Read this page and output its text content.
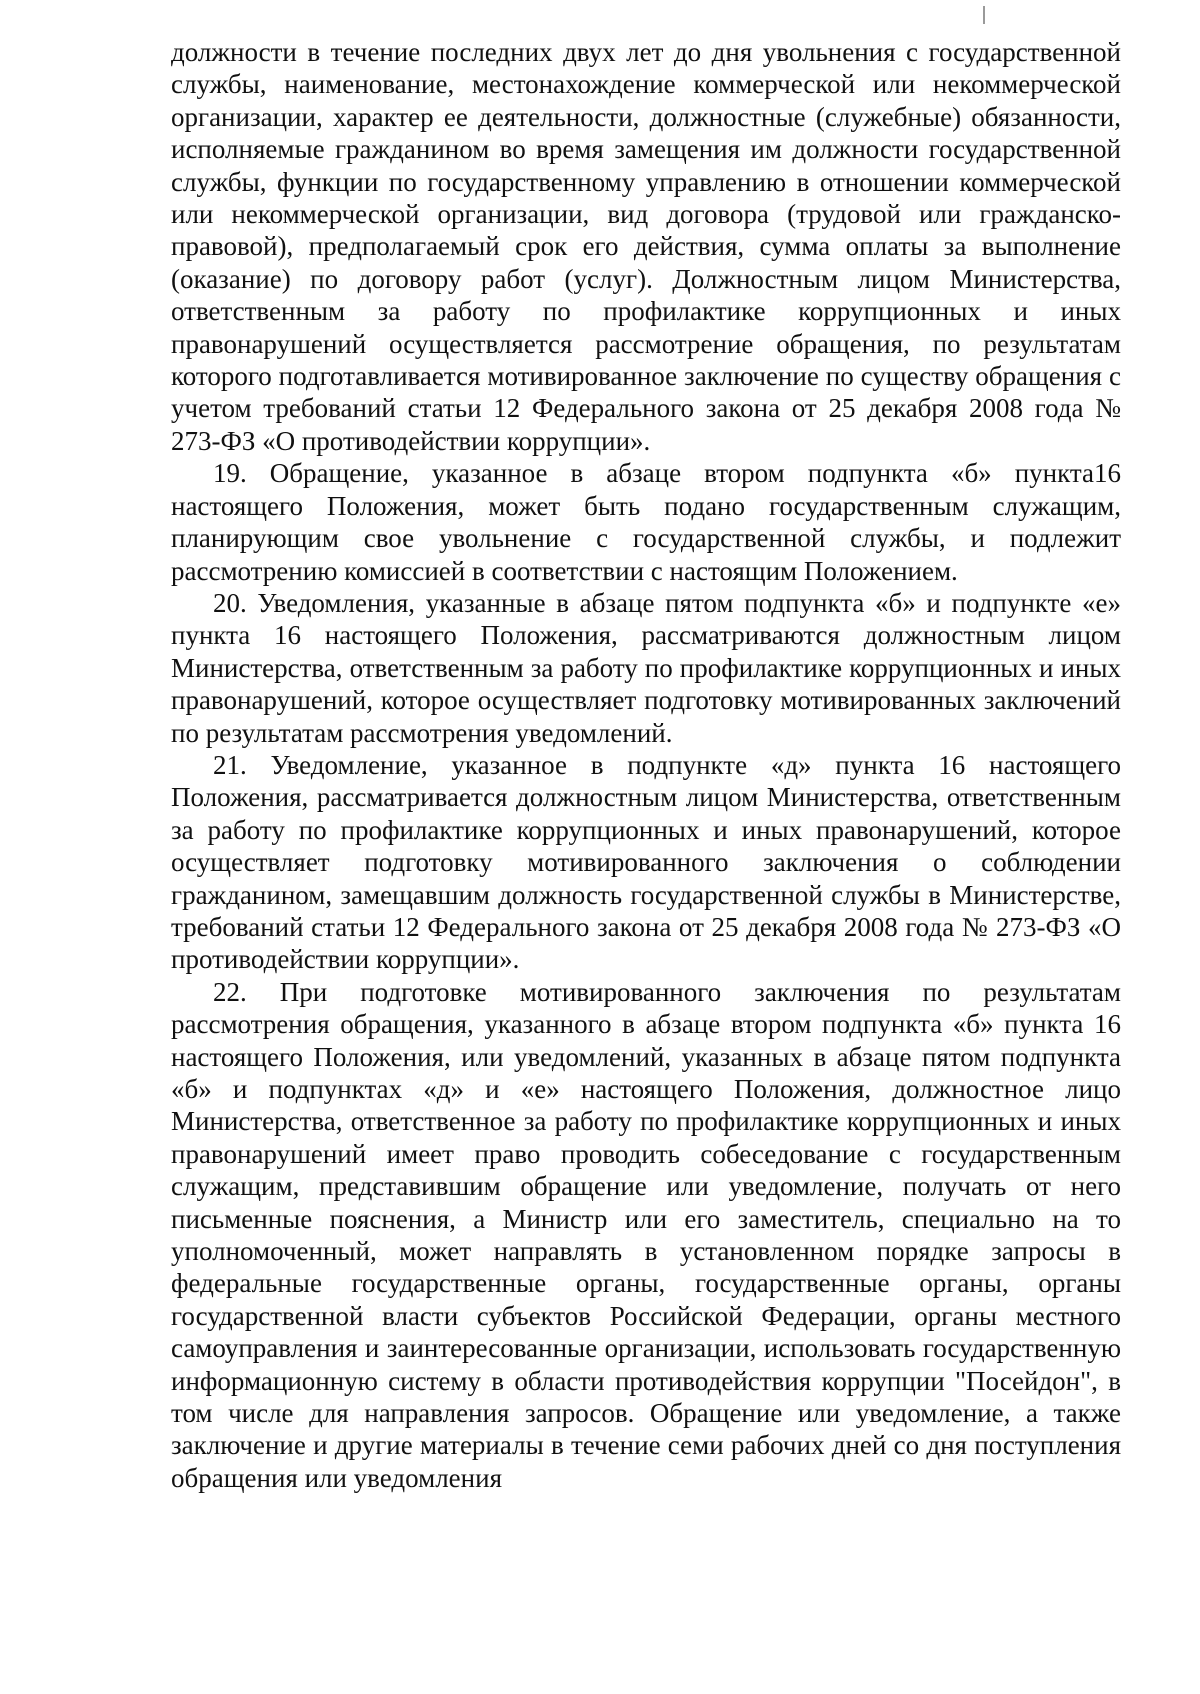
должности в течение последних двух лет до дня увольнения с государственной службы, наименование, местонахождение коммерческой или некоммерческой организации, характер ее деятельности, должностные (служебные) обязанности, исполняемые гражданином во время замещения им должности государственной службы, функции по государственному управлению в отношении коммерческой или некоммерческой организации, вид договора (трудовой или гражданско-правовой), предполагаемый срок его действия, сумма оплаты за выполнение (оказание) по договору работ (услуг). Должностным лицом Министерства, ответственным за работу по профилактике коррупционных и иных правонарушений осуществляется рассмотрение обращения, по результатам которого подготавливается мотивированное заключение по существу обращения с учетом требований статьи 12 Федерального закона от 25 декабря 2008 года № 273-ФЗ «О противодействии коррупции».

19. Обращение, указанное в абзаце втором подпункта «б» пункта16 настоящего Положения, может быть подано государственным служащим, планирующим свое увольнение с государственной службы, и подлежит рассмотрению комиссией в соответствии с настоящим Положением.

20. Уведомления, указанные в абзаце пятом подпункта «б» и подпункте «е» пункта 16 настоящего Положения, рассматриваются должностным лицом Министерства, ответственным за работу по профилактике коррупционных и иных правонарушений, которое осуществляет подготовку мотивированных заключений по результатам рассмотрения уведомлений.

21. Уведомление, указанное в подпункте «д» пункта 16 настоящего Положения, рассматривается должностным лицом Министерства, ответственным за работу по профилактике коррупционных и иных правонарушений, которое осуществляет подготовку мотивированного заключения о соблюдении гражданином, замещавшим должность государственной службы в Министерстве, требований статьи 12 Федерального закона от 25 декабря 2008 года № 273-ФЗ «О противодействии коррупции».

22. При подготовке мотивированного заключения по результатам рассмотрения обращения, указанного в абзаце втором подпункта «б» пункта 16 настоящего Положения, или уведомлений, указанных в абзаце пятом подпункта «б» и подпунктах «д» и «е» настоящего Положения, должностное лицо Министерства, ответственное за работу по профилактике коррупционных и иных правонарушений имеет право проводить собеседование с государственным служащим, представившим обращение или уведомление, получать от него письменные пояснения, а Министр или его заместитель, специально на то уполномоченный, может направлять в установленном порядке запросы в федеральные государственные органы, государственные органы, органы государственной власти субъектов Российской Федерации, органы местного самоуправления и заинтересованные организации, использовать государственную информационную систему в области противодействия коррупции "Посейдон", в том числе для направления запросов. Обращение или уведомление, а также заключение и другие материалы в течение семи рабочих дней со дня поступления обращения или уведомления
